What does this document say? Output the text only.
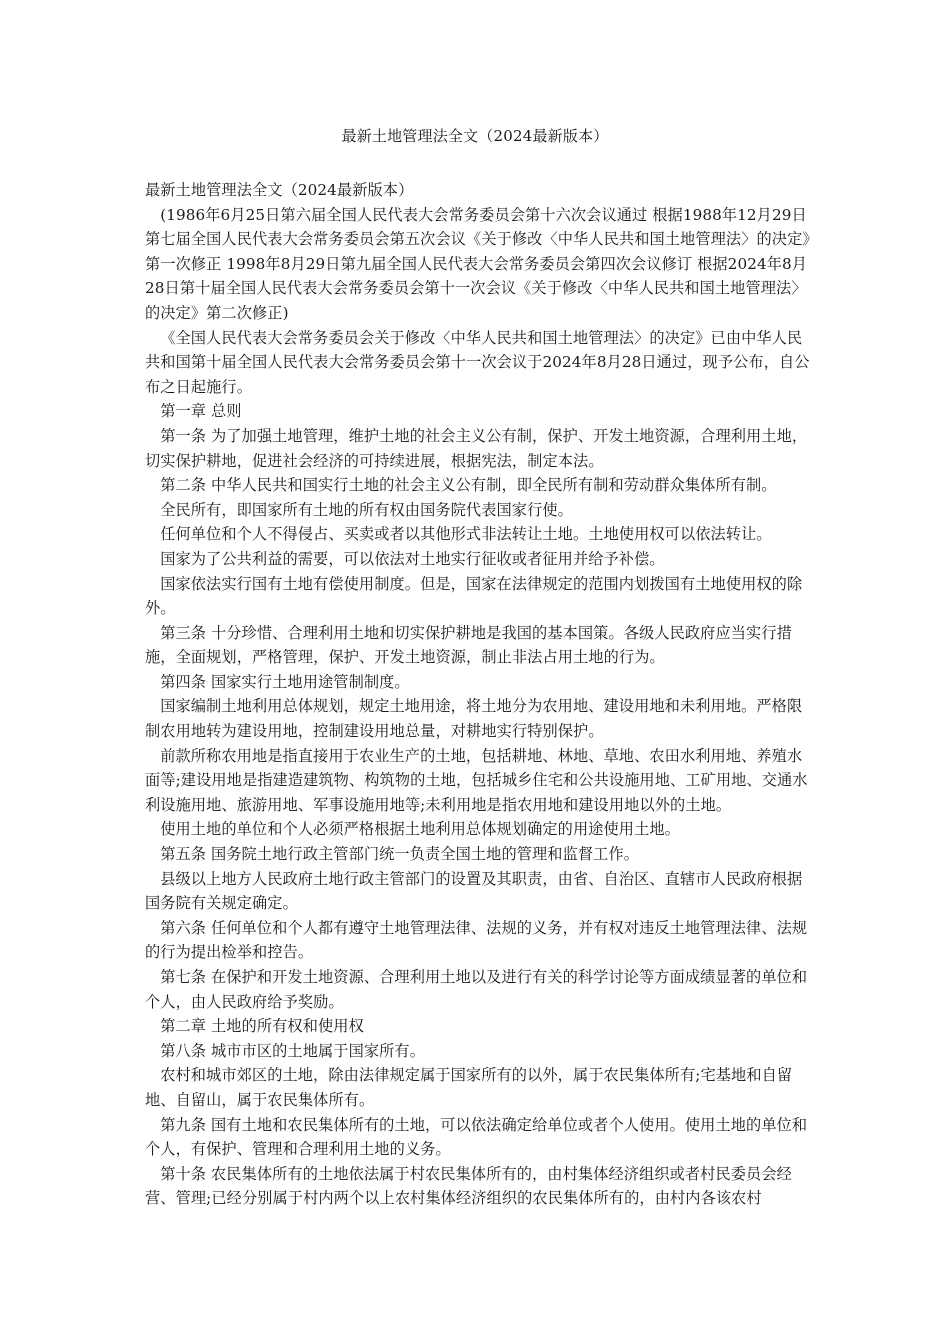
最新土地管理法全文（2024最新版本）

最新土地管理法全文（2024最新版本）

(1986年6月25日第六届全国人民代表大会常务委员会第十六次会议通过 根据1988年12月29日第七届全国人民代表大会常务委员会第五次会议《关于修改〈中华人民共和国土地管理法〉的决定》第一次修正 1998年8月29日第九届全国人民代表大会常务委员会第四次会议修订 根据2024年8月28日第十届全国人民代表大会常务委员会第十一次会议《关于修改〈中华人民共和国土地管理法〉的决定》第二次修正)

《全国人民代表大会常务委员会关于修改〈中华人民共和国土地管理法〉的决定》已由中华人民共和国第十届全国人民代表大会常务委员会第十一次会议于2024年8月28日通过，现予公布，自公布之日起施行。

第一章 总则

第一条 为了加强土地管理，维护土地的社会主义公有制，保护、开发土地资源，合理利用土地，切实保护耕地，促进社会经济的可持续进展，根据宪法，制定本法。

第二条 中华人民共和国实行土地的社会主义公有制，即全民所有制和劳动群众集体所有制。

全民所有，即国家所有土地的所有权由国务院代表国家行使。

任何单位和个人不得侵占、买卖或者以其他形式非法转让土地。土地使用权可以依法转让。

国家为了公共利益的需要，可以依法对土地实行征收或者征用并给予补偿。

国家依法实行国有土地有偿使用制度。但是，国家在法律规定的范围内划拨国有土地使用权的除外。

第三条 十分珍惜、合理利用土地和切实保护耕地是我国的基本国策。各级人民政府应当实行措施，全面规划，严格管理，保护、开发土地资源，制止非法占用土地的行为。

第四条 国家实行土地用途管制制度。

国家编制土地利用总体规划，规定土地用途，将土地分为农用地、建设用地和未利用地。严格限制农用地转为建设用地，控制建设用地总量，对耕地实行特别保护。

前款所称农用地是指直接用于农业生产的土地，包括耕地、林地、草地、农田水利用地、养殖水面等;建设用地是指建造建筑物、构筑物的土地，包括城乡住宅和公共设施用地、工矿用地、交通水利设施用地、旅游用地、军事设施用地等;未利用地是指农用地和建设用地以外的土地。

使用土地的单位和个人必须严格根据土地利用总体规划确定的用途使用土地。

第五条 国务院土地行政主管部门统一负责全国土地的管理和监督工作。

县级以上地方人民政府土地行政主管部门的设置及其职责，由省、自治区、直辖市人民政府根据国务院有关规定确定。

第六条 任何单位和个人都有遵守土地管理法律、法规的义务，并有权对违反土地管理法律、法规的行为提出检举和控告。

第七条 在保护和开发土地资源、合理利用土地以及进行有关的科学讨论等方面成绩显著的单位和个人，由人民政府给予奖励。

第二章 土地的所有权和使用权

第八条 城市市区的土地属于国家所有。

农村和城市郊区的土地，除由法律规定属于国家所有的以外，属于农民集体所有;宅基地和自留地、自留山，属于农民集体所有。

第九条 国有土地和农民集体所有的土地，可以依法确定给单位或者个人使用。使用土地的单位和个人，有保护、管理和合理利用土地的义务。

第十条 农民集体所有的土地依法属于村农民集体所有的，由村集体经济组织或者村民委员会经营、管理;已经分别属于村内两个以上农村集体经济组织的农民集体所有的，由村内各该农村
